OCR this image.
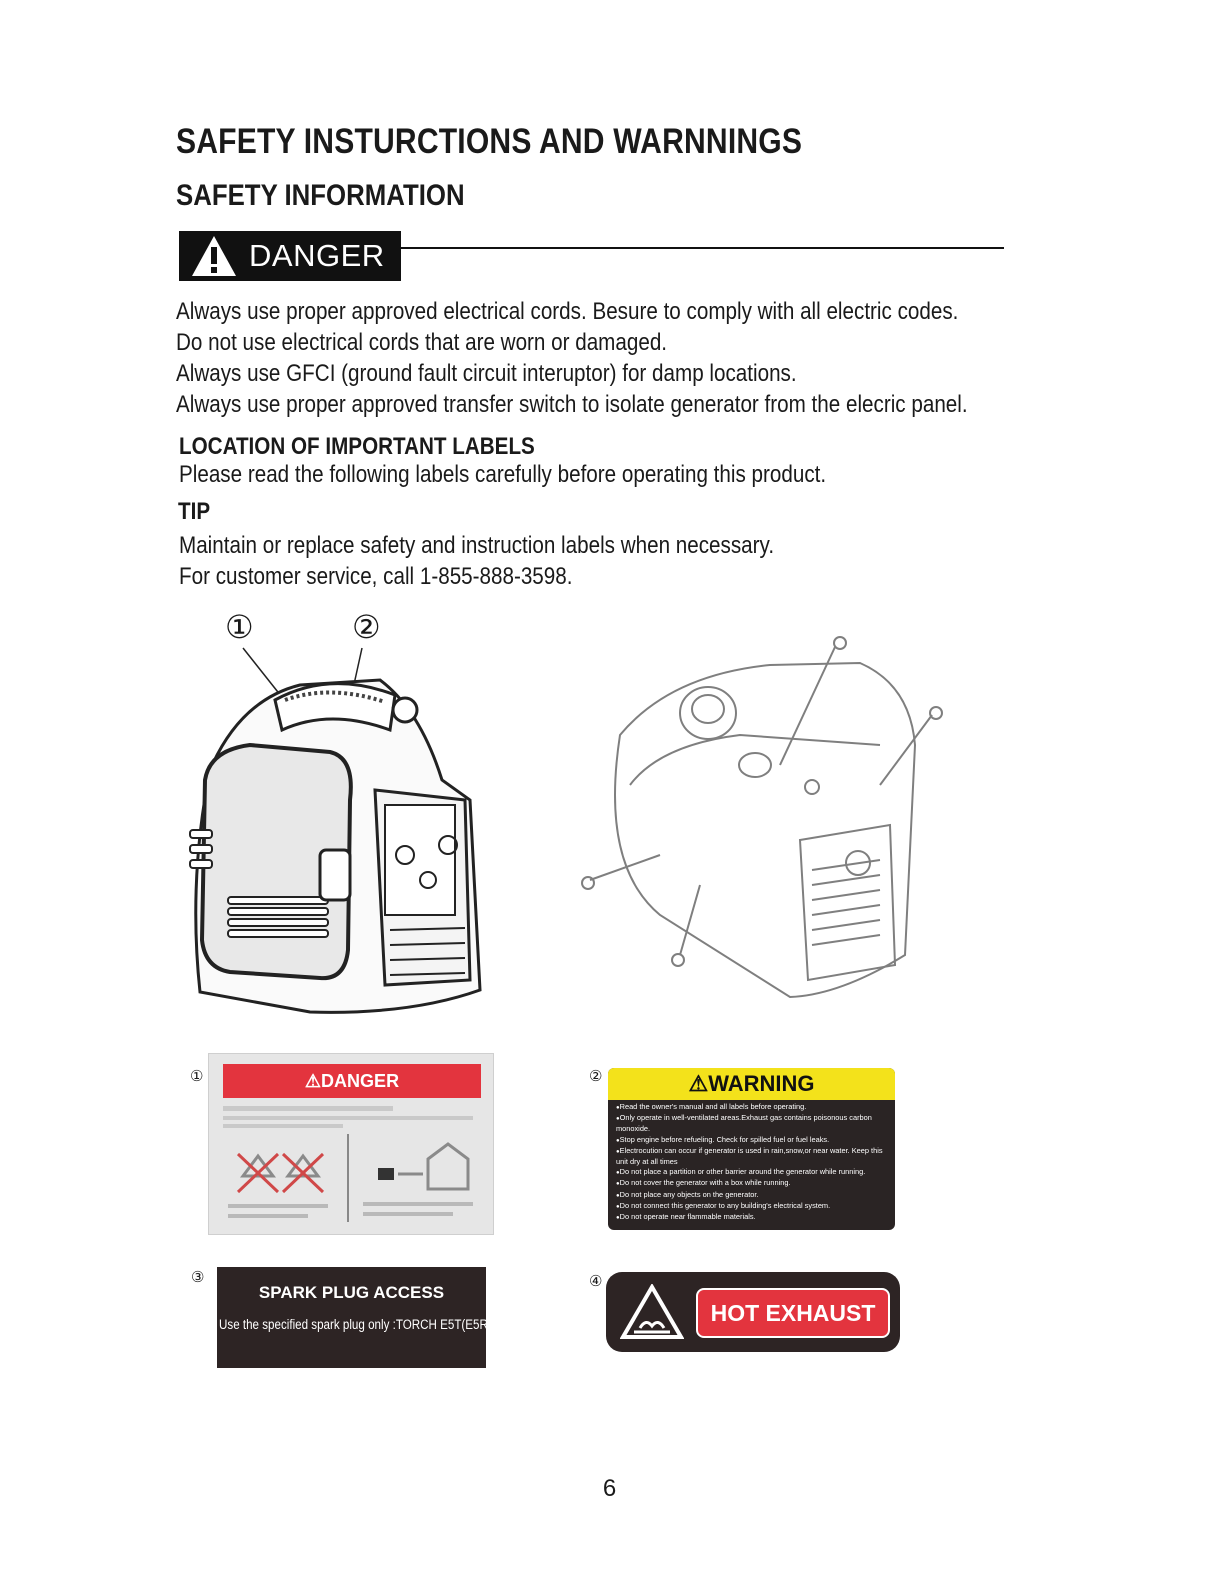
SAFETY INSTURCTIONS AND WARNNINGS
SAFETY INFORMATION
DANGER
Always use proper approved electrical cords. Besure to comply with all electric codes.
Do not use electrical cords that are worn or damaged.
Always use GFCI (ground fault circuit interuptor) for damp locations.
Always use proper approved transfer switch to isolate generator from the elecric panel.
LOCATION OF IMPORTANT LABELS
Please read the following labels carefully before operating this product.
TIP
Maintain or replace safety and instruction labels when necessary.
For customer service, call 1-855-888-3598.
①	②
①	②
③	④
⚠DANGER	⚠WARNING
● Read the owner's manual and all labels before operating.
● Only operate in well-ventilated areas.Exhaust gas contains poisonous carbon monoxide.
● Stop engine before refueling. Check for spilled fuel or fuel leaks.
● Electrocution can occur if generator is used in rain,snow,or near water. Keep this unit dry at all times
● Do not place a partition or other barrier around the generator while running.
● Do not cover the generator with a box while running.
● Do not place any objects on the generator.
● Do not connect this generator to any building's electrical system.
● Do not operate near flammable materials.
SPARK PLUG ACCESS
Use the specified spark plug only :TORCH E5T(E5RTC)	HOT EXHAUST
6
